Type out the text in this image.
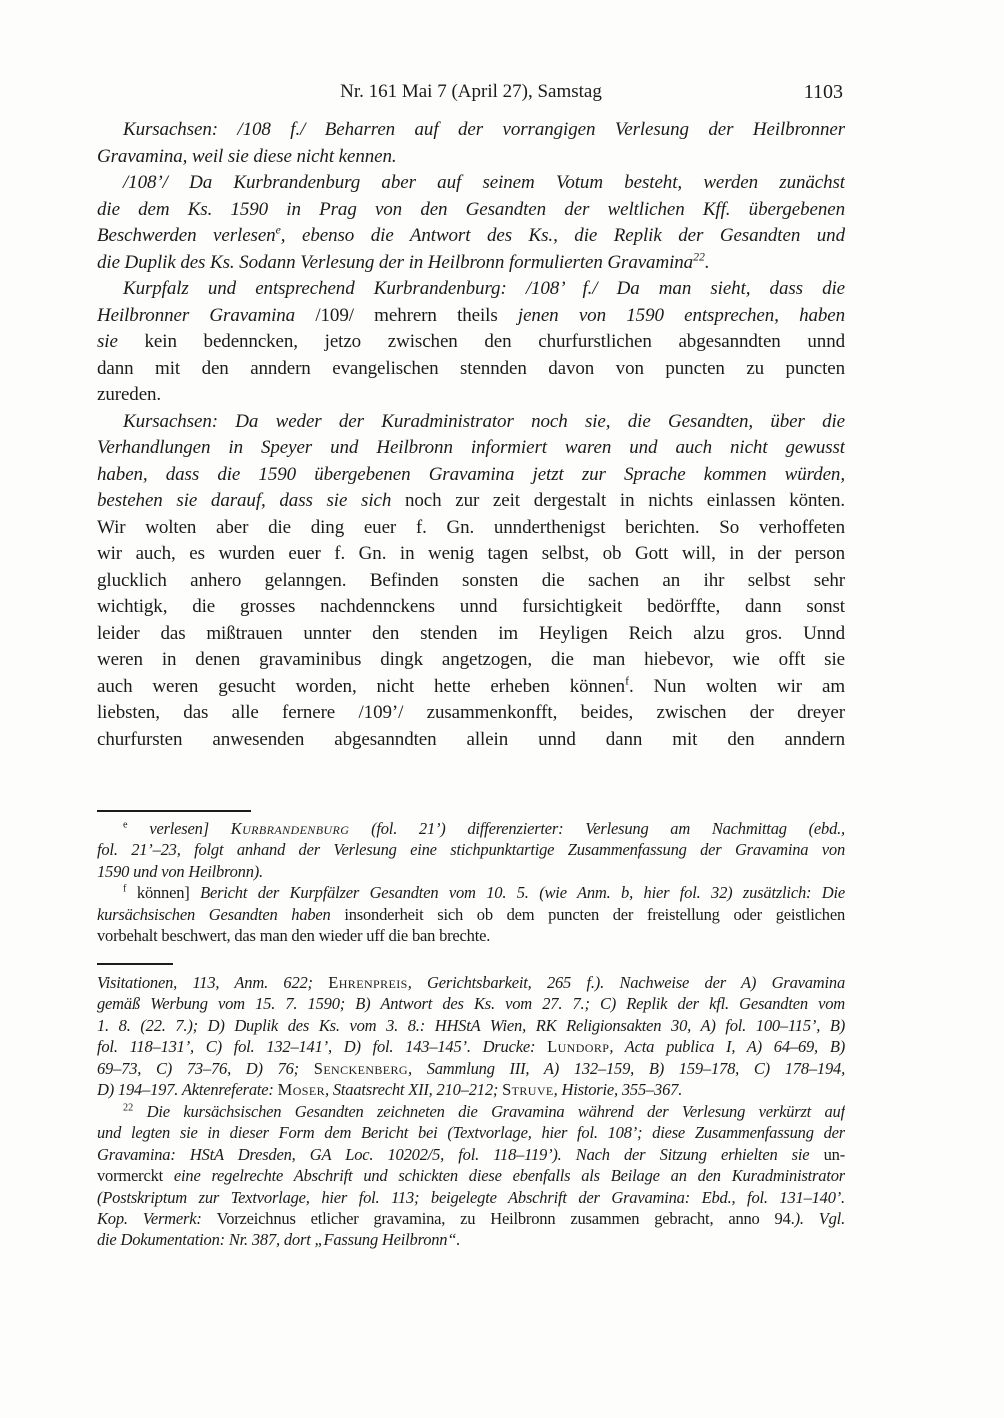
Nr. 161 Mai 7 (April 27), Samstag	1103
Kursachsen: /108 f./ Beharren auf der vorrangigen Verlesung der Heilbronner
Gravamina, weil sie diese nicht kennen.
/108’/ Da Kurbrandenburg aber auf seinem Votum besteht, werden zunächst
die dem Ks. 1590 in Prag von den Gesandten der weltlichen Kff. übergebenen
Beschwerden verlesen$^e$, ebenso die Antwort des Ks., die Replik der Gesandten und
die Duplik des Ks. Sodann Verlesung der in Heilbronn formulierten Gravamina$^{22}$.
Kurpfalz und entsprechend Kurbrandenburg: /108’ f./ Da man sieht, dass die
Heilbronner Gravamina /109/ mehrern theils jenen von 1590 entsprechen, haben
sie kein bedenncken, jetzo zwischen den churfurstlichen abgesanndten unnd
dann mit den anndern evangelischen stennden davon von puncten zu puncten
zureden.
Kursachsen: Da weder der Kuradministrator noch sie, die Gesandten, über die
Verhandlungen in Speyer und Heilbronn informiert waren und auch nicht gewusst
haben, dass die 1590 übergebenen Gravamina jetzt zur Sprache kommen würden,
bestehen sie darauf, dass sie sich noch zur zeit dergestalt in nichts einlassen könten.
Wir wolten aber die ding euer f. Gn. unnderthenigst berichten. So verhoffeten
wir auch, es wurden euer f. Gn. in wenig tagen selbst, ob Gott will, in der person
glucklich anhero gelanngen. Befinden sonsten die sachen an ihr selbst sehr
wichtigk, die grosses nachdennckens unnd fursichtigkeit bedörffte, dann sonst
leider das mißtrauen unnter den stenden im Heyligen Reich alzu gros. Unnd
weren in denen gravaminibus dingk angetzogen, die man hiebevor, wie offt sie
auch weren gesucht worden, nicht hette erheben können$^f$. Nun wolten wir am
liebsten, das alle fernere /109’/ zusammenkonfft, beides, zwischen der dreyer
churfursten anwesenden abgesanndten allein unnd dann mit den anndern
$^e$ verlesen] Kurbrandenburg (fol. 21’) differenzierter: Verlesung am Nachmittag (ebd.,
fol. 21’–23, folgt anhand der Verlesung eine stichpunktartige Zusammenfassung der Gravamina von
1590 und von Heilbronn).
$^f$ können] Bericht der Kurpfälzer Gesandten vom 10. 5. (wie Anm. b, hier fol. 32) zusätzlich: Die
kursächsischen Gesandten haben insonderheit sich ob dem puncten der freistellung oder geistlichen
vorbehalt beschwert, das man den wieder uff die ban brechte.
Visitationen, 113, Anm. 622; Ehrenpreis, Gerichtsbarkeit, 265 f.). Nachweise der A) Gravamina
gemäß Werbung vom 15. 7. 1590; B) Antwort des Ks. vom 27. 7.; C) Replik der kfl. Gesandten vom
1. 8. (22. 7.); D) Duplik des Ks. vom 3. 8.: HHStA Wien, RK Religionsakten 30, A) fol. 100–115’, B)
fol. 118–131’, C) fol. 132–141’, D) fol. 143–145’. Drucke: Lundorp, Acta publica I, A) 64–69, B)
69–73, C) 73–76, D) 76; Senckenberg, Sammlung III, A) 132–159, B) 159–178, C) 178–194,
D) 194–197. Aktenreferate: Moser, Staatsrecht XII, 210–212; Struve, Historie, 355–367.
$^{22}$ Die kursächsischen Gesandten zeichneten die Gravamina während der Verlesung verkürzt auf
und legten sie in dieser Form dem Bericht bei (Textvorlage, hier fol. 108’; diese Zusammenfassung der
Gravamina: HStA Dresden, GA Loc. 10202/5, fol. 118–119’). Nach der Sitzung erhielten sie un-
vormerckt eine regelrechte Abschrift und schickten diese ebenfalls als Beilage an den Kuradministrator
(Postskriptum zur Textvorlage, hier fol. 113; beigelegte Abschrift der Gravamina: Ebd., fol. 131–140’.
Kop. Vermerk: Vorzeichnus etlicher gravamina, zu Heilbronn zusammen gebracht, anno 94.). Vgl.
die Dokumentation: Nr. 387, dort „Fassung Heilbronn“.
